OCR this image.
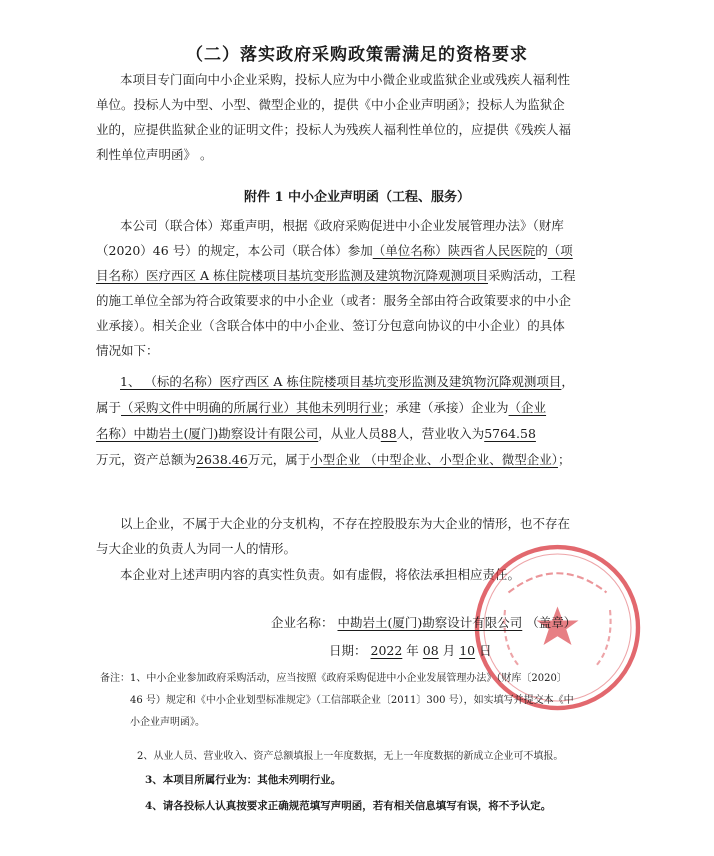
（二）落实政府采购政策需满足的资格要求
本项目专门面向中小企业采购，投标人应为中小微企业或监狱企业或残疾人福利性
单位。投标人为中型、小型、微型企业的，提供《中小企业声明函》；投标人为监狱企
业的，应提供监狱企业的证明文件；投标人为残疾人福利性单位的，应提供《残疾人福
利性单位声明函》 。
附件 1 中小企业声明函（工程、服务）
本公司（联合体）郑重声明，根据《政府采购促进中小企业发展管理办法》（财库
（2020）46 号）的规定，本公司（联合体）参加（单位名称）陕西省人民医院的（项
目名称）医疗西区 A 栋住院楼项目基坑变形监测及建筑物沉降观测项目采购活动，工程
的施工单位全部为符合政策要求的中小企业（或者：服务全部由符合政策要求的中小企
业承接）。相关企业（含联合体中的中小企业、签订分包意向协议的中小企业）的具体
情况如下：
1、 （标的名称）医疗西区 A 栋住院楼项目基坑变形监测及建筑物沉降观测项目，
属于（采购文件中明确的所属行业）其他未列明行业；承建（承接）企业为（企业
名称）中勘岩土(厦门)勘察设计有限公司，从业人员88人，营业收入为5764.58
万元，资产总额为2638.46万元，属于小型企业 （中型企业、小型企业、微型企业）；
以上企业，不属于大企业的分支机构，不存在控股股东为大企业的情形，也不存在
与大企业的负责人为同一人的情形。
本企业对上述声明内容的真实性负责。如有虚假，将依法承担相应责任。
企业名称： 中勘岩土(厦门)勘察设计有限公司 （盖章）
日期： 2022 年 08 月 10 日
备注：1、中小企业参加政府采购活动，应当按照《政府采购促进中小企业发展管理办法》（财库〔2020〕
46 号）规定和《中小企业划型标准规定》（工信部联企业〔2011〕300 号），如实填写并提交本《中
小企业声明函》。
2、从业人员、营业收入、资产总额填报上一年度数据，无上一年度数据的新成立企业可不填报。
3、本项目所属行业为：其他未列明行业。
4、请各投标人认真按要求正确规范填写声明函，若有相关信息填写有误，将不予认定。
